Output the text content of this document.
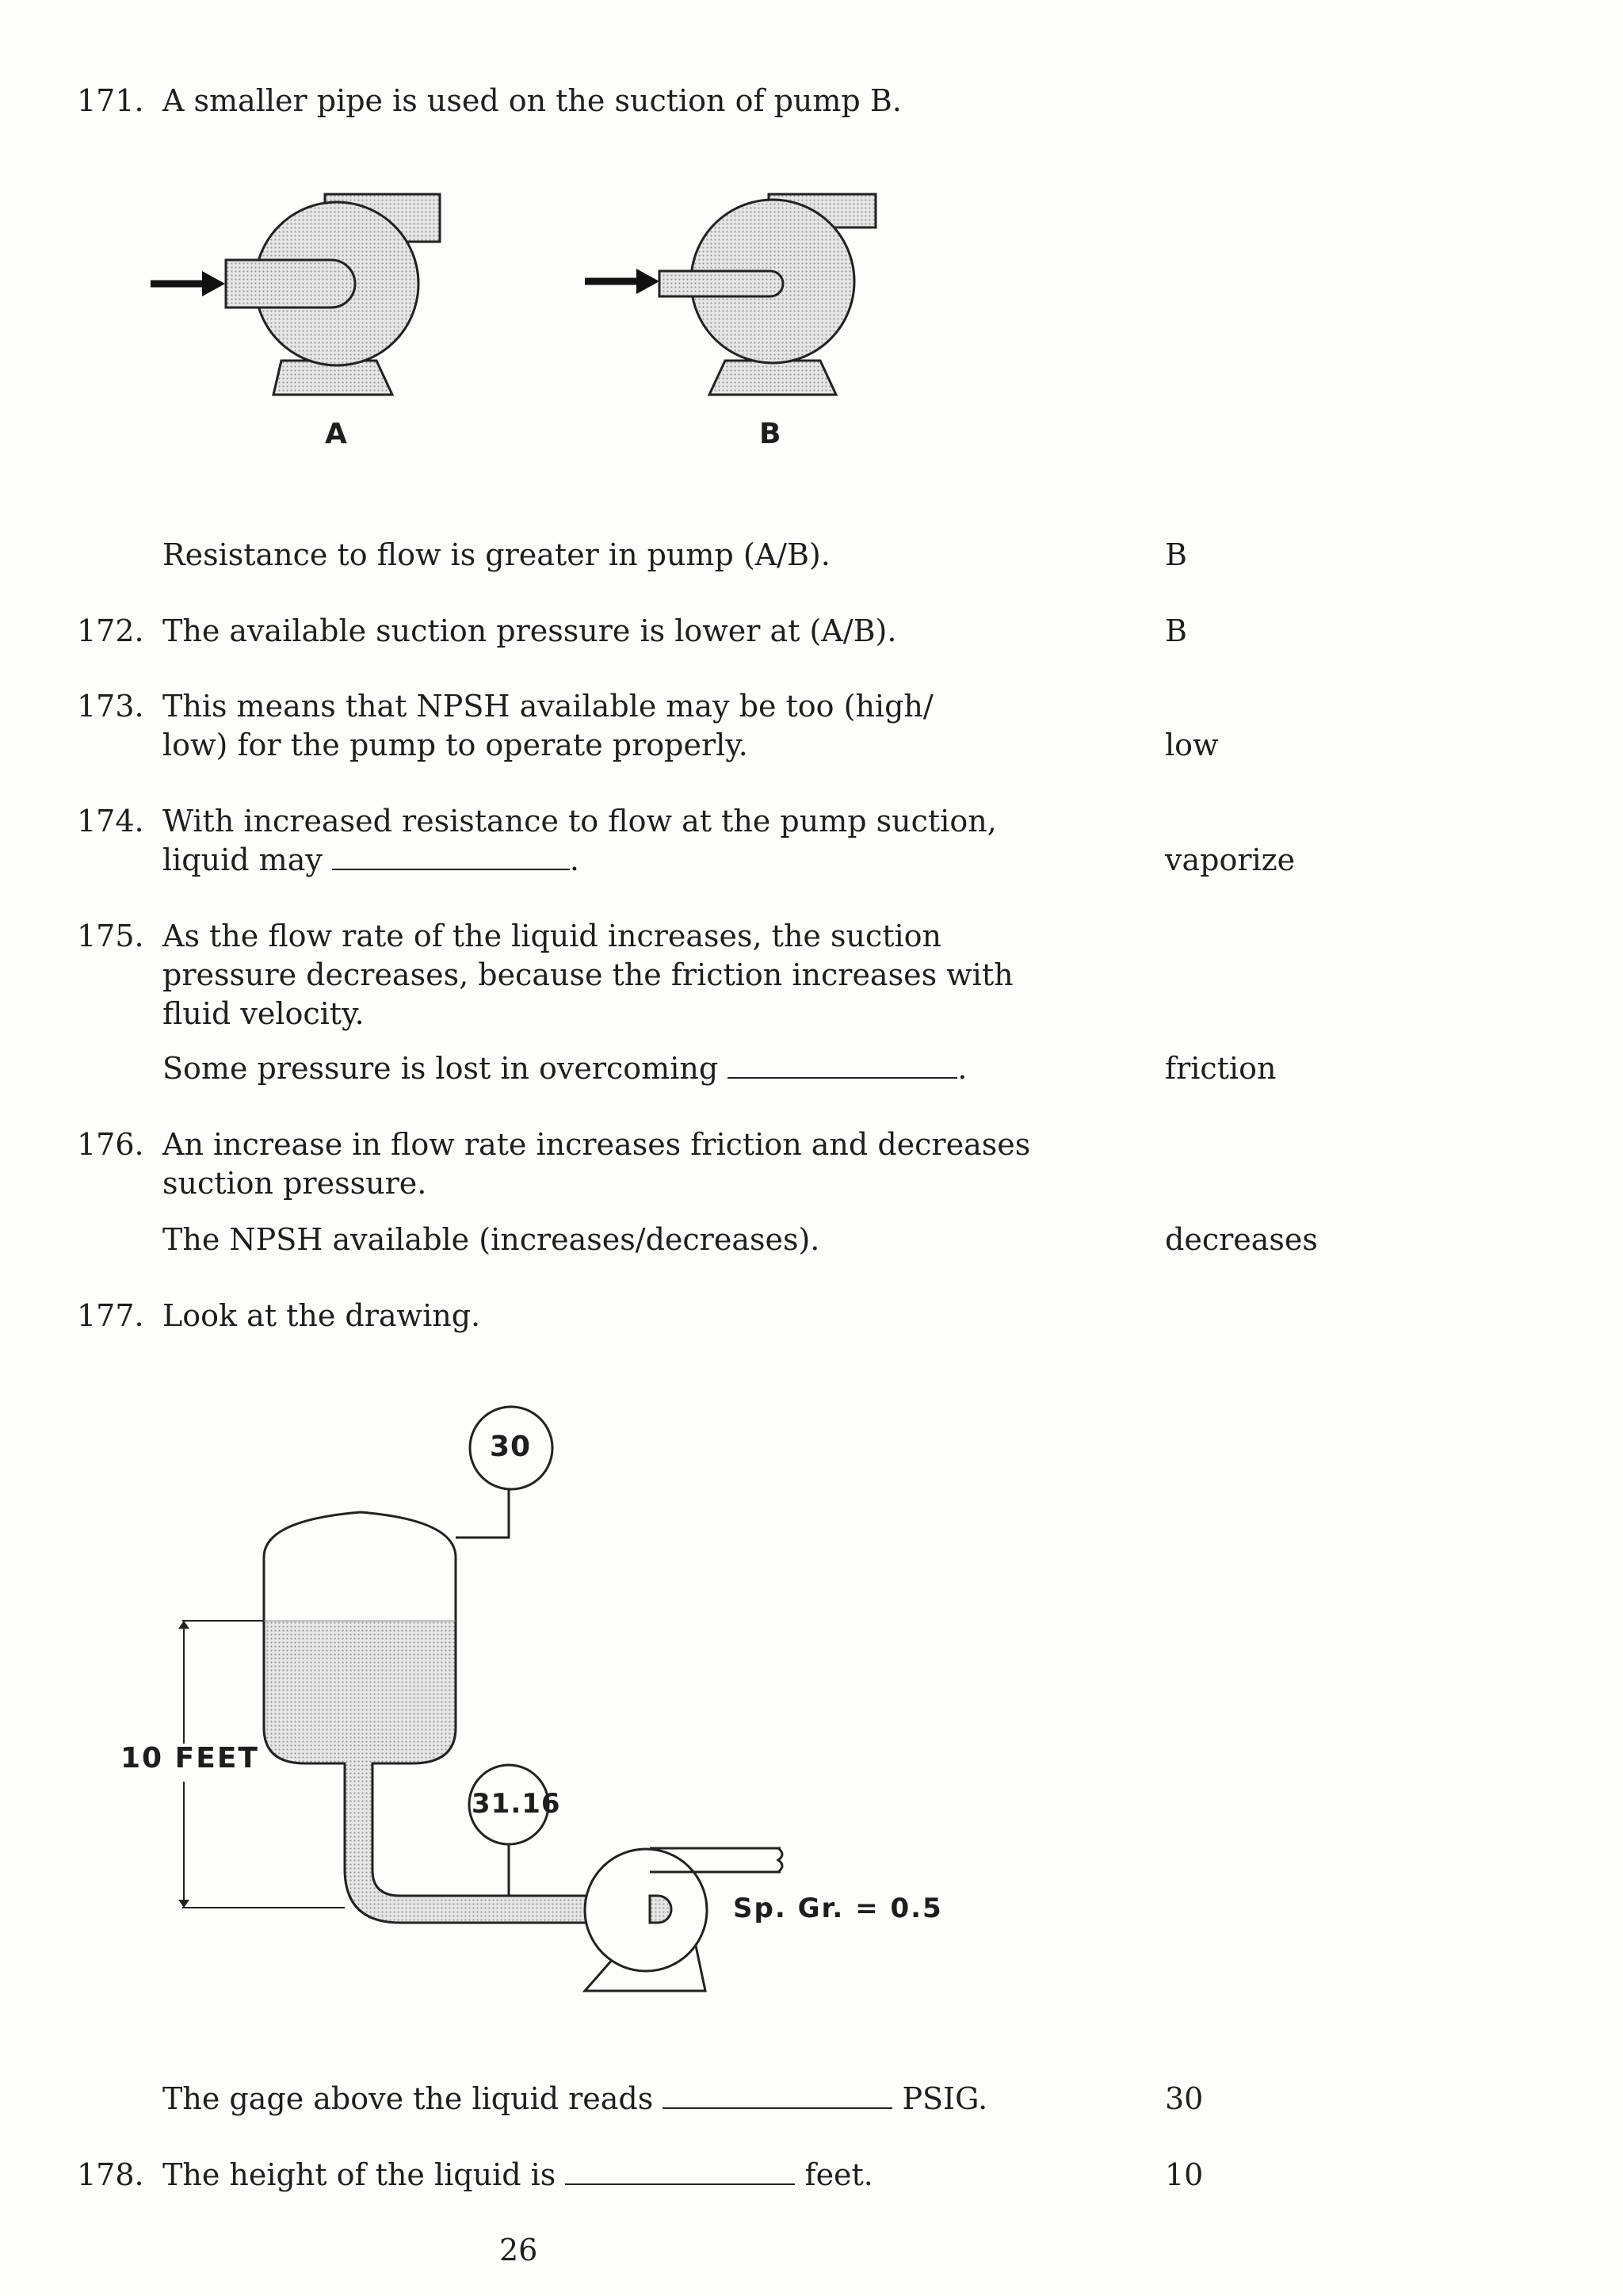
171. A smaller pipe is used on the suction of pump B.
A	B
Resistance to flow is greater in pump (A/B).	B
172. The available suction pressure is lower at (A/B).	B
173. This means that NPSH available may be too (high/
low) for the pump to operate properly.	low
174. With increased resistance to flow at the pump suction,
liquid may	.	vaporize
175. As the flow rate of the liquid increases, the suction
pressure decreases, because the friction increases with
fluid velocity.
Some pressure is lost in overcoming	.	friction
176. An increase in flow rate increases friction and decreases
suction pressure.
The NPSH available (increases/decreases).	decreases
177. Look at the drawing.
30
31.16
10 FEET
Sp. Gr. = 0.5
The gage above the liquid reads	PSIG.	30
178. The height of the liquid is	feet.	10
26
